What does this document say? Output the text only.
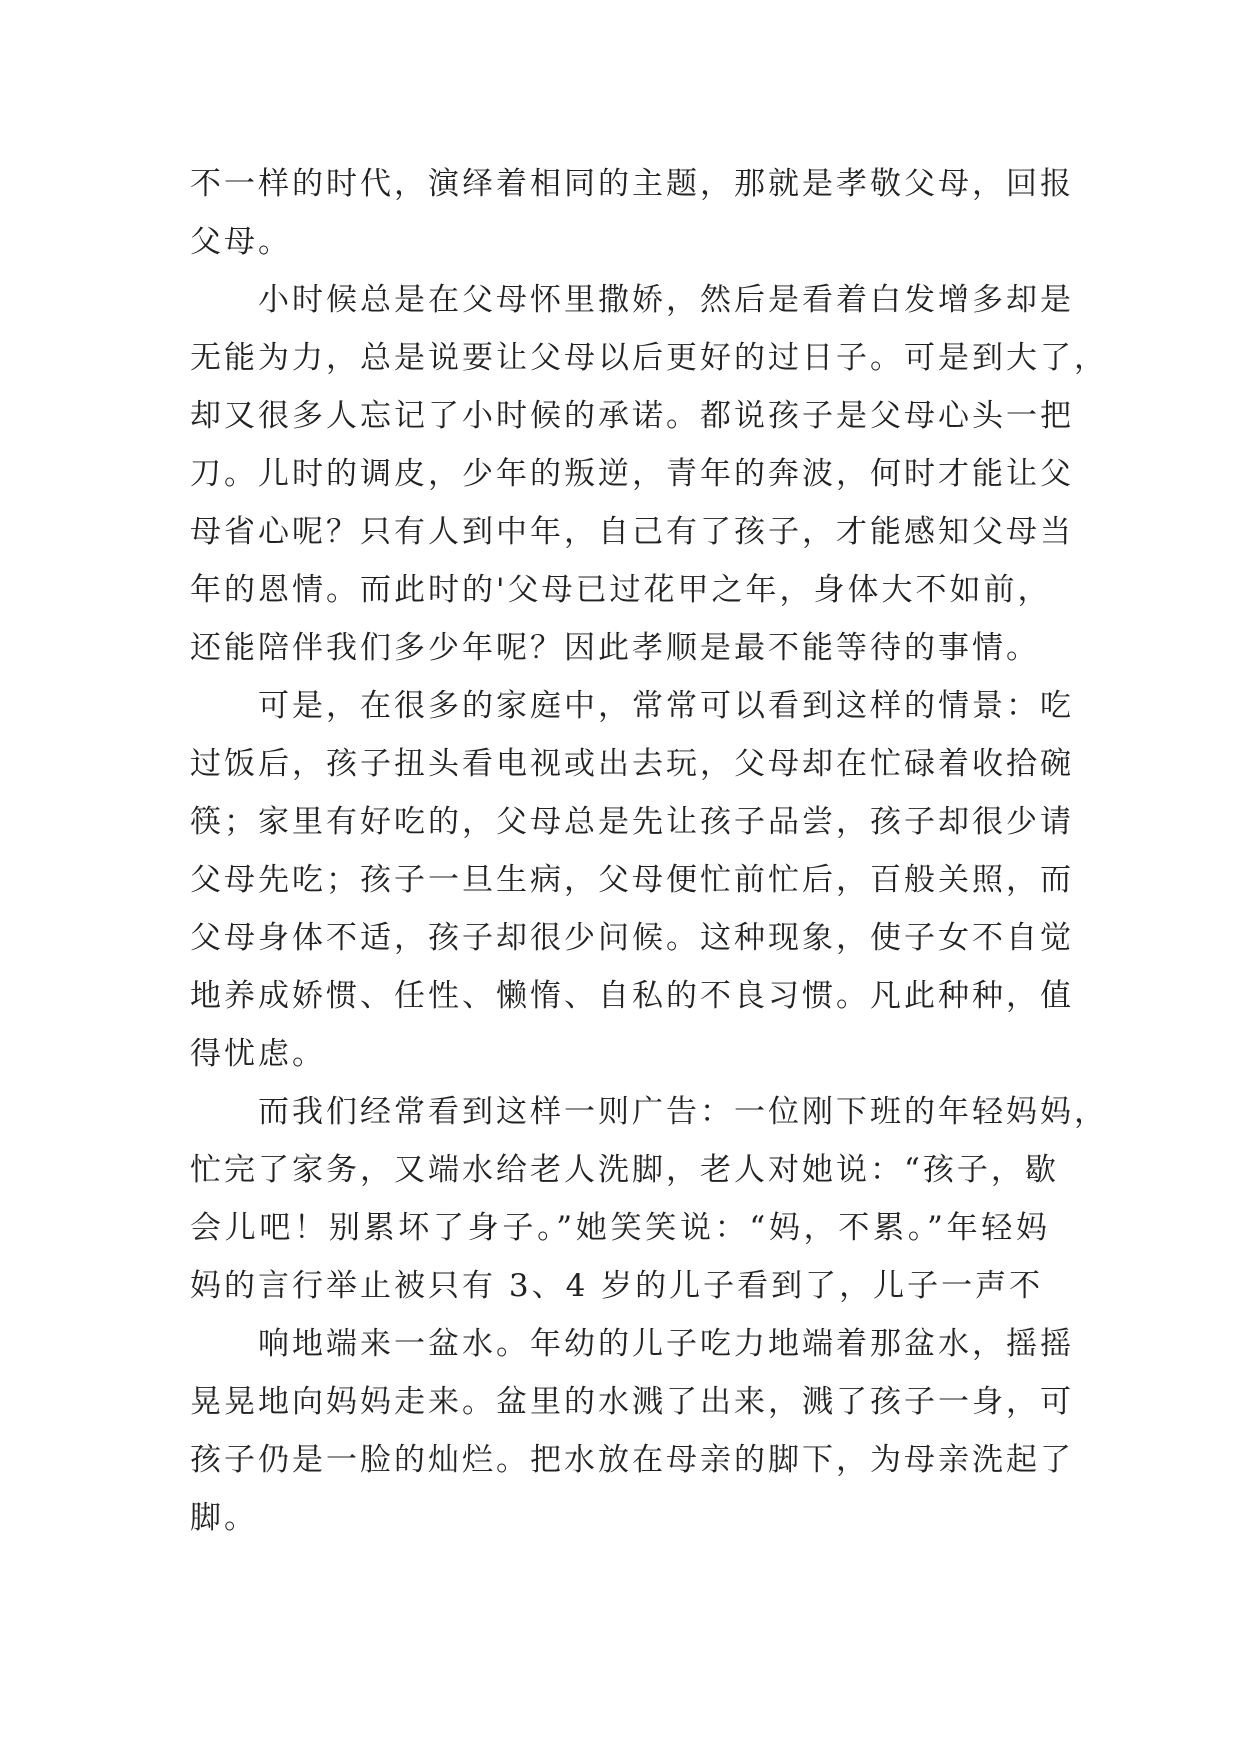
不一样的时代，演绎着相同的主题，那就是孝敬父母，回报
父母。
小时候总是在父母怀里撒娇，然后是看着白发增多却是
无能为力，总是说要让父母以后更好的过日子。可是到大了，
却又很多人忘记了小时候的承诺。都说孩子是父母心头一把
刀。儿时的调皮，少年的叛逆，青年的奔波，何时才能让父
母省心呢？只有人到中年，自己有了孩子，才能感知父母当
年的恩情。而此时的'父母已过花甲之年，身体大不如前，
还能陪伴我们多少年呢？因此孝顺是最不能等待的事情。
可是，在很多的家庭中，常常可以看到这样的情景：吃
过饭后，孩子扭头看电视或出去玩，父母却在忙碌着收拾碗
筷；家里有好吃的，父母总是先让孩子品尝，孩子却很少请
父母先吃；孩子一旦生病，父母便忙前忙后，百般关照，而
父母身体不适，孩子却很少问候。这种现象，使子女不自觉
地养成娇惯、任性、懒惰、自私的不良习惯。凡此种种，值
得忧虑。
而我们经常看到这样一则广告：一位刚下班的年轻妈妈，
忙完了家务，又端水给老人洗脚，老人对她说：“孩子，歇
会儿吧！别累坏了身子。”她笑笑说：“妈，不累。”年轻妈
妈的言行举止被只有 3、4 岁的儿子看到了，儿子一声不
响地端来一盆水。年幼的儿子吃力地端着那盆水，摇摇
晃晃地向妈妈走来。盆里的水溅了出来，溅了孩子一身，可
孩子仍是一脸的灿烂。把水放在母亲的脚下，为母亲洗起了
脚。
